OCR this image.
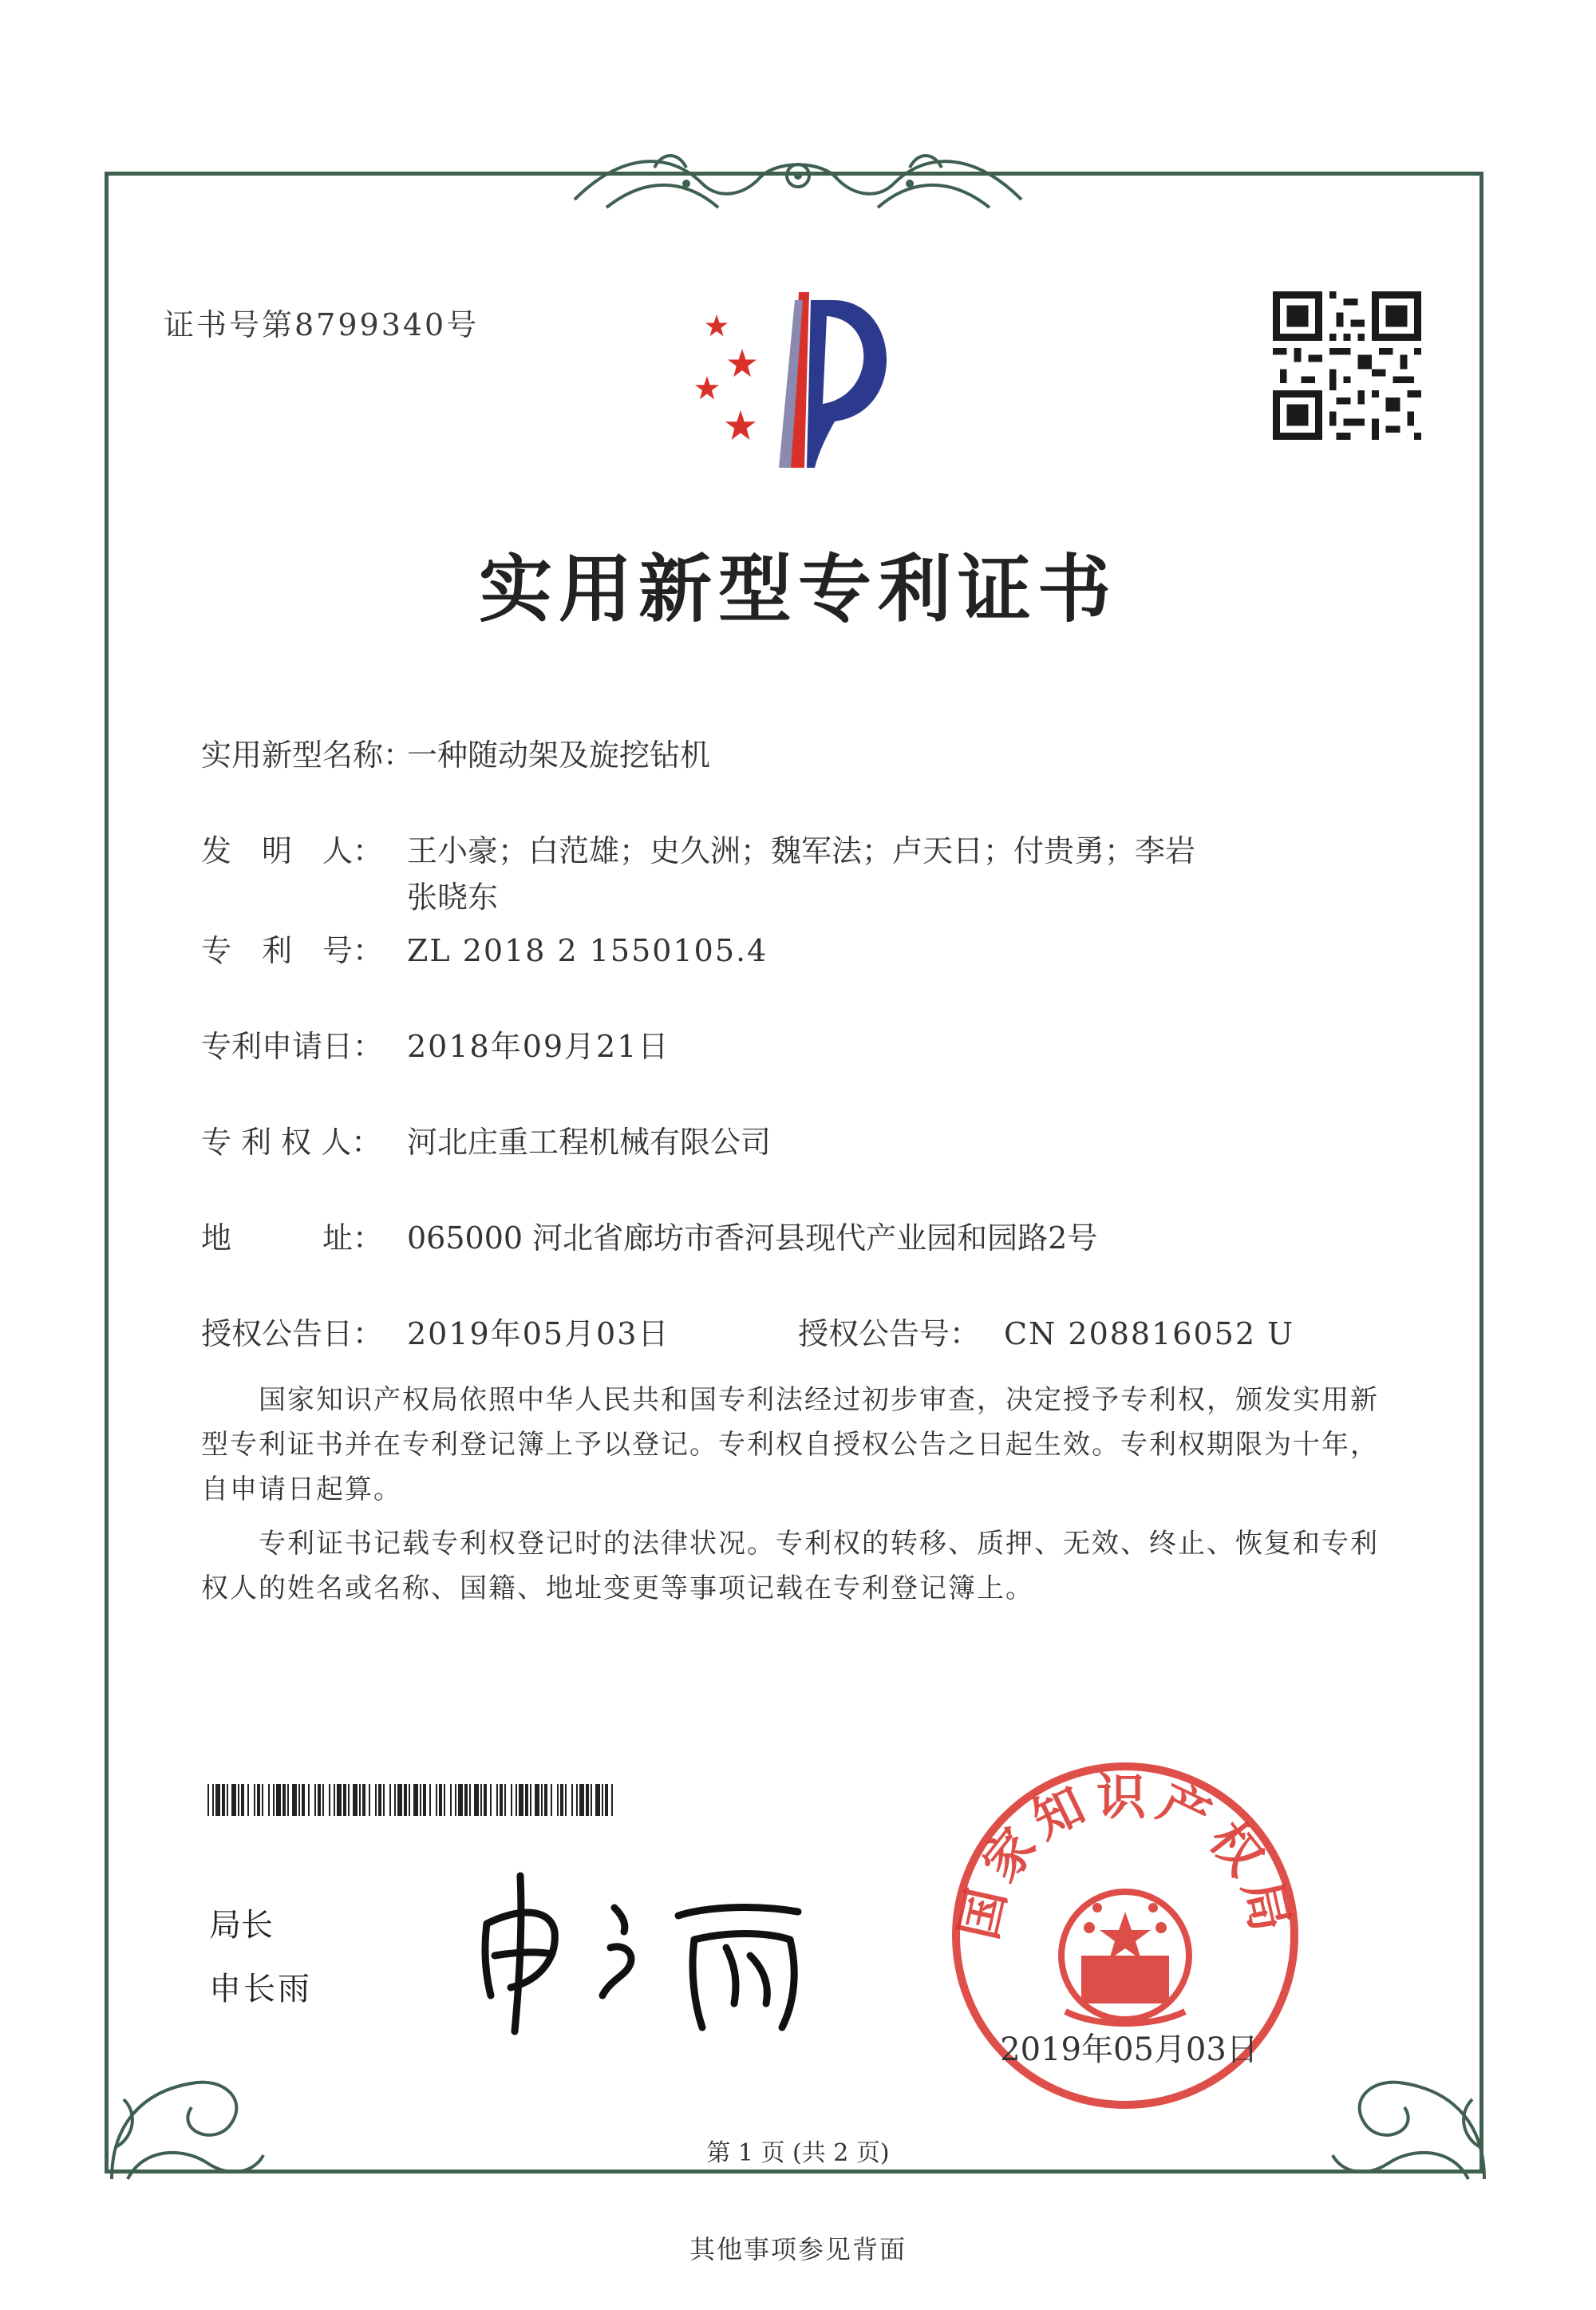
证书号第8799340号
实用新型专利证书
实用新型名称：一种随动架及旋挖钻机
发　明　人： 王小豪；白范雄；史久洲；魏军法；卢天日；付贵勇；李岩
张晓东
专　利　号： ZL 2018 2 1550105.4
专利申请日： 2018年09月21日
专 利 权 人： 河北庄重工程机械有限公司
地　　　址： 065000 河北省廊坊市香河县现代产业园和园路2号
授权公告日： 2019年05月03日	授权公告号： CN 208816052 U
　　国家知识产权局依照中华人民共和国专利法经过初步审查，决定授予专利权，颁发实用新型专利证书并在专利登记簿上予以登记。专利权自授权公告之日起生效。专利权期限为十年，自申请日起算。
　　专利证书记载专利权登记时的法律状况。专利权的转移、质押、无效、终止、恢复和专利权人的姓名或名称、国籍、地址变更等事项记载在专利登记簿上。
局长
申长雨
国家知识产权局
2019年05月03日
第 1 页 (共 2 页)
其他事项参见背面
